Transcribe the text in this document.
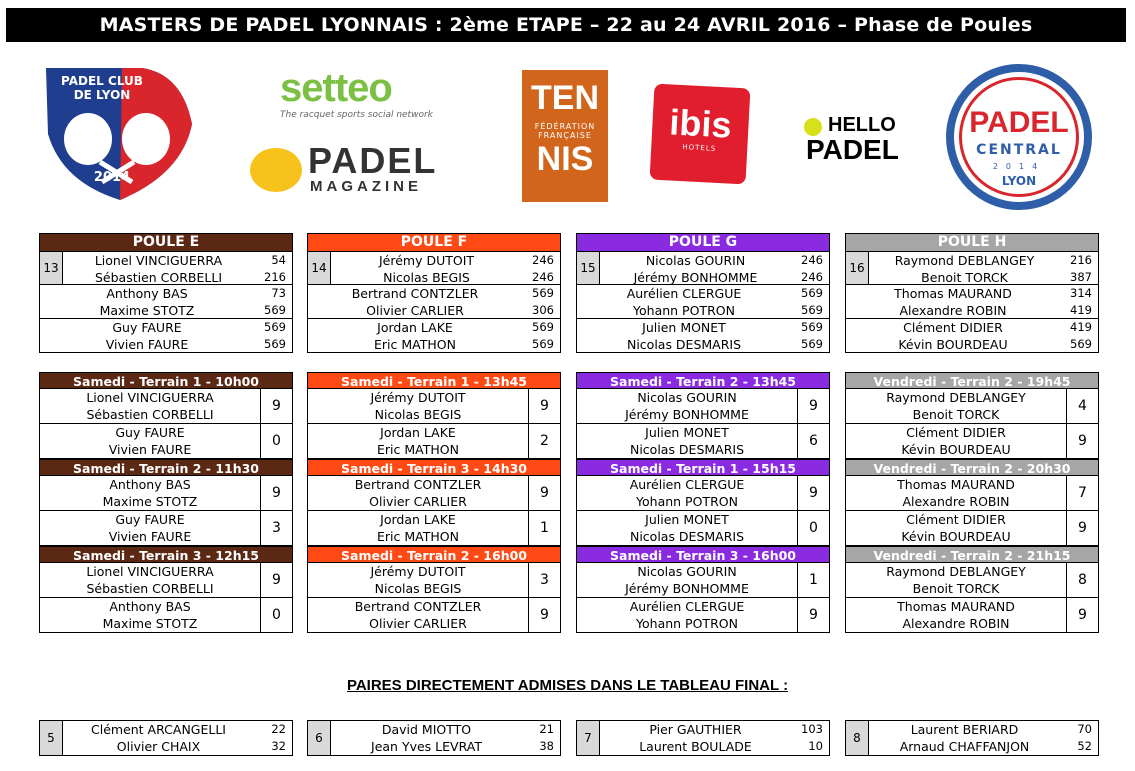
MASTERS DE PADEL LYONNAIS : 2ème ETAPE – 22 au 24 AVRIL 2016 – Phase de Poules
PADEL CLUB
DE LYON
2014
setteo
The racquet sports social network
PADEL
MAGAZINE
TEN
FÉDÉRATION
FRANÇAISE
NIS
ibis
HOTELS
HELLO
PADEL
PADEL
CENTRAL
2014
LYON
POULE E
13	Lionel VINCIGUERRA	54
Sébastien CORBELLI	216
Anthony BAS	73
Maxime STOTZ	569
Guy FAURE	569
Vivien FAURE	569
POULE F
14	Jérémy DUTOIT	246
Nicolas BEGIS	246
Bertrand CONTZLER	569
Olivier CARLIER	306
Jordan LAKE	569
Eric MATHON	569
POULE G
15	Nicolas GOURIN	246
Jérémy BONHOMME	246
Aurélien CLERGUE	569
Yohann POTRON	569
Julien MONET	569
Nicolas DESMARIS	569
POULE H
16	Raymond DEBLANGEY	216
Benoit TORCK	387
Thomas MAURAND	314
Alexandre ROBIN	419
Clément DIDIER	419
Kévin BOURDEAU	569
Samedi - Terrain 1 - 10h00
Lionel VINCIGUERRA
Sébastien CORBELLI
9
Guy FAURE
Vivien FAURE
0
Samedi - Terrain 2 - 11h30
Anthony BAS
Maxime STOTZ
9
Guy FAURE
Vivien FAURE
3
Samedi - Terrain 3 - 12h15
Lionel VINCIGUERRA
Sébastien CORBELLI
9
Anthony BAS
Maxime STOTZ
0
Samedi - Terrain 1 - 13h45
Jérémy DUTOIT
Nicolas BEGIS
9
Jordan LAKE
Eric MATHON
2
Samedi - Terrain 3 - 14h30
Bertrand CONTZLER
Olivier CARLIER
9
Jordan LAKE
Eric MATHON
1
Samedi - Terrain 2 - 16h00
Jérémy DUTOIT
Nicolas BEGIS
3
Bertrand CONTZLER
Olivier CARLIER
9
Samedi - Terrain 2 - 13h45
Nicolas GOURIN
Jérémy BONHOMME
9
Julien MONET
Nicolas DESMARIS
6
Samedi - Terrain 1 - 15h15
Aurélien CLERGUE
Yohann POTRON
9
Julien MONET
Nicolas DESMARIS
0
Samedi - Terrain 3 - 16h00
Nicolas GOURIN
Jérémy BONHOMME
1
Aurélien CLERGUE
Yohann POTRON
9
Vendredi - Terrain 2 - 19h45
Raymond DEBLANGEY
Benoit TORCK
4
Clément DIDIER
Kévin BOURDEAU
9
Vendredi - Terrain 2 - 20h30
Thomas MAURAND
Alexandre ROBIN
7
Clément DIDIER
Kévin BOURDEAU
9
Vendredi - Terrain 2 - 21h15
Raymond DEBLANGEY
Benoit TORCK
8
Thomas MAURAND
Alexandre ROBIN
9
PAIRES DIRECTEMENT ADMISES DANS LE TABLEAU FINAL :
5
Clément ARCANGELLI	22
Olivier CHAIX	32
6
David MIOTTO	21
Jean Yves LEVRAT	38
7
Pier GAUTHIER	103
Laurent BOULADE	10
8
Laurent BERIARD	70
Arnaud CHAFFANJON	52
